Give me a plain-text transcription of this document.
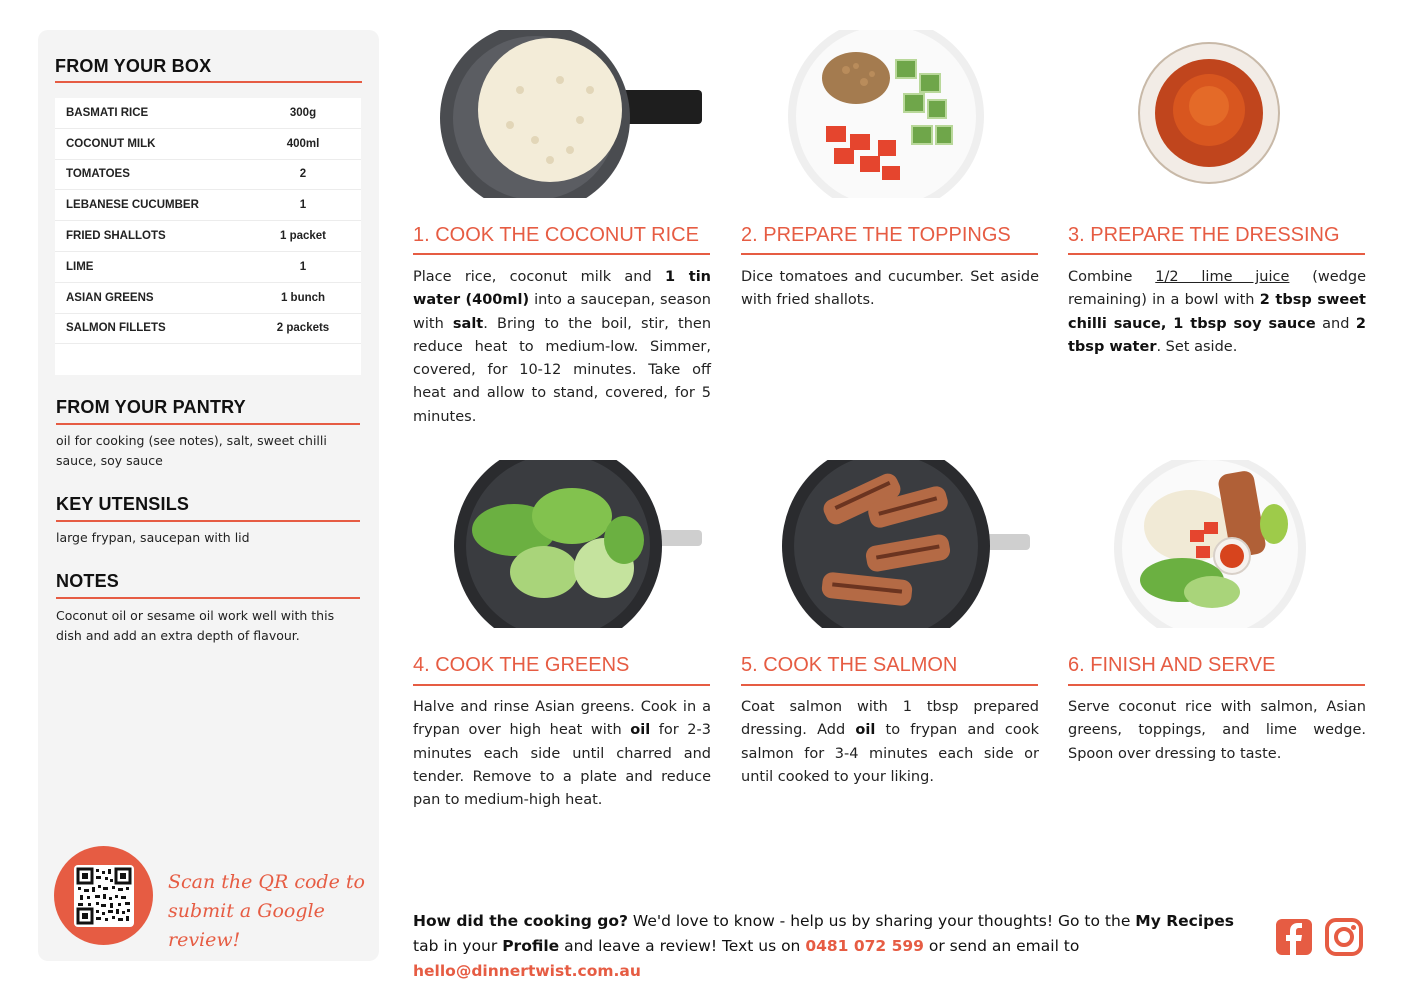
FROM YOUR BOX
BASMATI RICE	300g
COCONUT MILK	400ml
TOMATOES	2
LEBANESE CUCUMBER	1
FRIED SHALLOTS	1 packet
LIME	1
ASIAN GREENS	1 bunch
SALMON FILLETS	2 packets
FROM YOUR PANTRY
oil for cooking (see notes), salt, sweet chilli sauce, soy sauce
KEY UTENSILS
large frypan, saucepan with lid
NOTES
Coconut oil or sesame oil work well with this dish and add an extra depth of flavour.
Scan the QR code to
submit a Google review!
1. COOK THE COCONUT RICE
Place rice, coconut milk and 1 tin water (400ml) into a saucepan, season with salt. Bring to the boil, stir, then reduce heat to medium-low. Simmer, covered, for 10-12 minutes. Take off heat and allow to stand, covered, for 5 minutes.
2. PREPARE THE TOPPINGS
Dice tomatoes and cucumber. Set aside with fried shallots.
3. PREPARE THE DRESSING
Combine 1/2 lime juice (wedge remaining) in a bowl with 2 tbsp sweet chilli sauce, 1 tbsp soy sauce and 2 tbsp water. Set aside.
4. COOK THE GREENS
Halve and rinse Asian greens. Cook in a frypan over high heat with oil for 2-3 minutes each side until charred and tender. Remove to a plate and reduce pan to medium-high heat.
5. COOK THE SALMON
Coat salmon with 1 tbsp prepared dressing. Add oil to frypan and cook salmon for 3-4 minutes each side or until cooked to your liking.
6. FINISH AND SERVE
Serve coconut rice with salmon, Asian greens, toppings, and lime wedge. Spoon over dressing to taste.
How did the cooking go? We'd love to know - help us by sharing your thoughts! Go to the My Recipes tab in your Profile and leave a review! Text us on 0481 072 599 or send an email to hello@dinnertwist.com.au
